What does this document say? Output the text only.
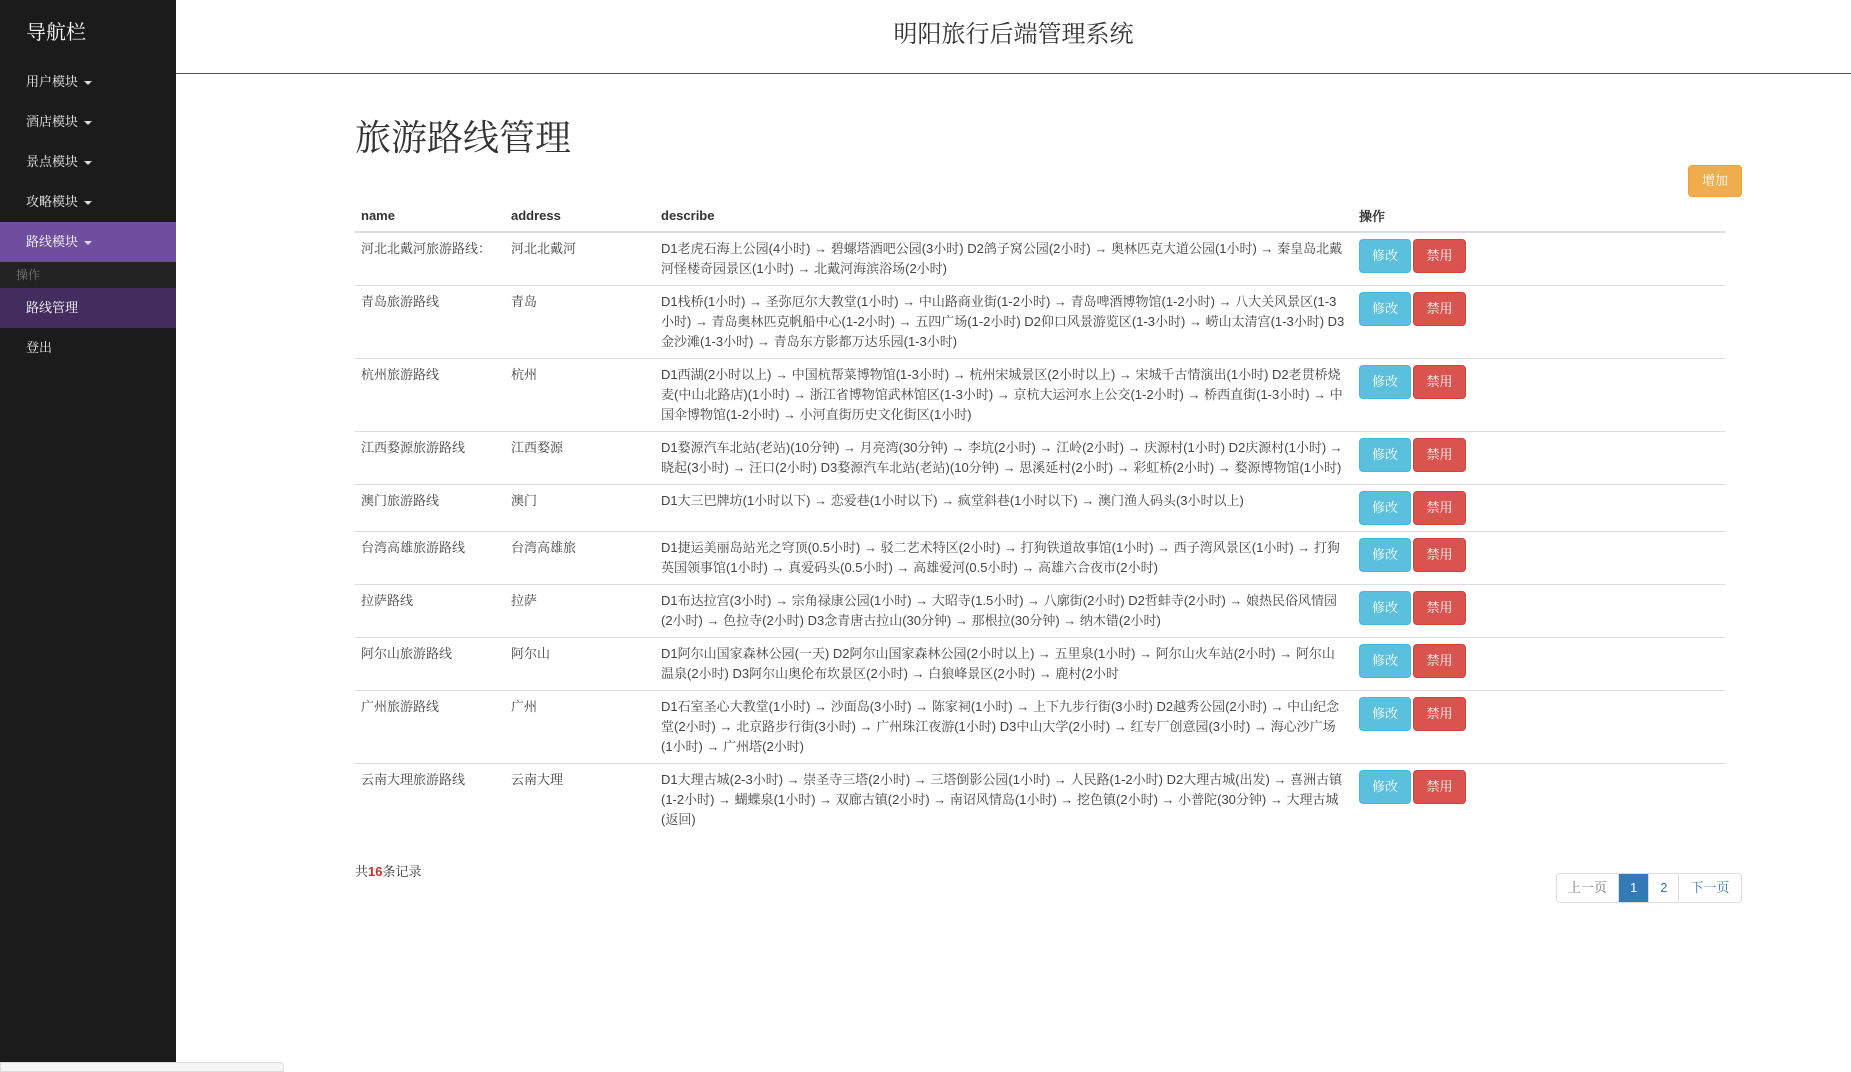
导航栏
用户模块
酒店模块
景点模块
攻略模块
路线模块
操作
路线管理
登出
明阳旅行后端管理系统
旅游路线管理
增加
name	address	describe	操作
河北北戴河旅游路线：	河北北戴河	D1老虎石海上公园(4小时) → 碧螺塔酒吧公园(3小时) D2鸽子窝公园(2小时) → 奥林匹克大道公园(1小时) → 秦皇岛北戴河怪楼奇园景区(1小时) → 北戴河海滨浴场(2小时)	修改 禁用
青岛旅游路线	青岛	D1栈桥(1小时) → 圣弥厄尔大教堂(1小时) → 中山路商业街(1-2小时) → 青岛啤酒博物馆(1-2小时) → 八大关风景区(1-3小时) → 青岛奥林匹克帆船中心(1-2小时) → 五四广场(1-2小时) D2仰口风景游览区(1-3小时) → 崂山太清宫(1-3小时) D3金沙滩(1-3小时) → 青岛东方影都万达乐园(1-3小时)	修改 禁用
杭州旅游路线	杭州	D1西湖(2小时以上) → 中国杭帮菜博物馆(1-3小时) → 杭州宋城景区(2小时以上) → 宋城千古情演出(1小时) D2老贯桥烧麦(中山北路店)(1小时) → 浙江省博物馆武林馆区(1-3小时) → 京杭大运河水上公交(1-2小时) → 桥西直街(1-3小时) → 中国伞博物馆(1-2小时) → 小河直街历史文化街区(1小时)	修改 禁用
江西婺源旅游路线	江西婺源	D1婺源汽车北站(老站)(10分钟) → 月亮湾(30分钟) → 李坑(2小时) → 江岭(2小时) → 庆源村(1小时) D2庆源村(1小时) → 晓起(3小时) → 汪口(2小时) D3婺源汽车北站(老站)(10分钟) → 思溪延村(2小时) → 彩虹桥(2小时) → 婺源博物馆(1小时)	修改 禁用
澳门旅游路线	澳门	D1大三巴牌坊(1小时以下) → 恋爱巷(1小时以下) → 疯堂斜巷(1小时以下) → 澳门渔人码头(3小时以上)	修改 禁用
台湾高雄旅游路线	台湾高雄旅	D1捷运美丽岛站光之穹顶(0.5小时) → 驳二艺术特区(2小时) → 打狗铁道故事馆(1小时) → 西子湾风景区(1小时) → 打狗英国领事馆(1小时) → 真爱码头(0.5小时) → 高雄爱河(0.5小时) → 高雄六合夜市(2小时)	修改 禁用
拉萨路线	拉萨	D1布达拉宫(3小时) → 宗角禄康公园(1小时) → 大昭寺(1.5小时) → 八廓街(2小时) D2哲蚌寺(2小时) → 娘热民俗风情园(2小时) → 色拉寺(2小时) D3念青唐古拉山(30分钟) → 那根拉(30分钟) → 纳木错(2小时)	修改 禁用
阿尔山旅游路线	阿尔山	D1阿尔山国家森林公园(一天) D2阿尔山国家森林公园(2小时以上) → 五里泉(1小时) → 阿尔山火车站(2小时) → 阿尔山温泉(2小时) D3阿尔山奥伦布坎景区(2小时) → 白狼峰景区(2小时) → 鹿村(2小时	修改 禁用
广州旅游路线	广州	D1石室圣心大教堂(1小时) → 沙面岛(3小时) → 陈家祠(1小时) → 上下九步行街(3小时) D2越秀公园(2小时) → 中山纪念堂(2小时) → 北京路步行街(3小时) → 广州珠江夜游(1小时) D3中山大学(2小时) → 红专厂创意园(3小时) → 海心沙广场(1小时) → 广州塔(2小时)	修改 禁用
云南大理旅游路线	云南大理	D1大理古城(2-3小时) → 崇圣寺三塔(2小时) → 三塔倒影公园(1小时) → 人民路(1-2小时) D2大理古城(出发) → 喜洲古镇(1-2小时) → 蝴蝶泉(1小时) → 双廊古镇(2小时) → 南诏风情岛(1小时) → 挖色镇(2小时) → 小普陀(30分钟) → 大理古城(返回)	修改 禁用
共16条记录
上一页	1	2	下一页
